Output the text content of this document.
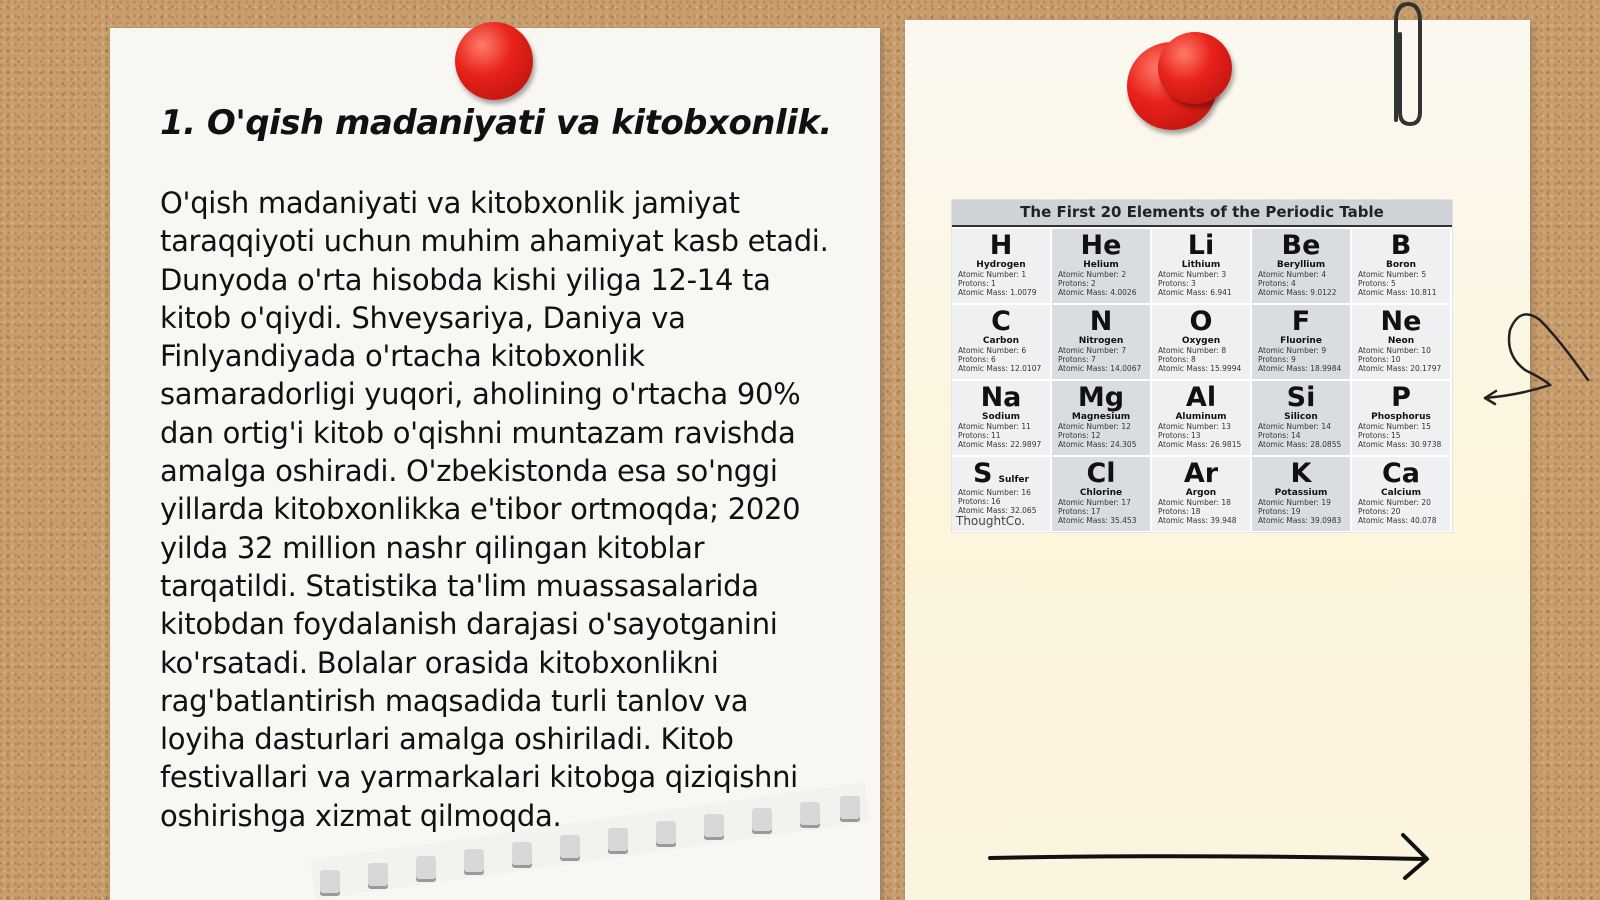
1. O'qish madaniyati va kitobxonlik.

O'qish madaniyati va kitobxonlik jamiyat taraqqiyoti uchun muhim ahamiyat kasb etadi. Dunyoda o'rta hisobda kishi yiliga 12-14 ta kitob o'qiydi. Shveysariya, Daniya va Finlyandiyada o'rtacha kitobxonlik samaradorligi yuqori, aholining o'rtacha 90% dan ortig'i kitob o'qishni muntazam ravishda amalga oshiradi. O'zbekistonda esa so'nggi yillarda kitobxonlikka e'tibor ortmoqda; 2020 yilda 32 million nashr qilingan kitoblar tarqatildi. Statistika ta'lim muassasalarida kitobdan foydalanish darajasi o'sayotganini ko'rsatadi. Bolalar orasida kitobxonlikni rag'batlantirish maqsadida turli tanlov va loyiha dasturlari amalga oshiriladi. Kitob festivallari va yarmarkalari kitobga qiziqishni oshirishga xizmat qilmoqda.

The First 20 Elements of the Periodic Table
H
Hydrogen
Atomic Number: 1
Protons: 1
Atomic Mass: 1.0079
He
Helium
Atomic Number: 2
Protons: 2
Atomic Mass: 4.0026
Li
Lithium
Atomic Number: 3
Protons: 3
Atomic Mass: 6.941
Be
Beryllium
Atomic Number: 4
Protons: 4
Atomic Mass: 9.0122
B
Boron
Atomic Number: 5
Protons: 5
Atomic Mass: 10.811
C
Carbon
Atomic Number: 6
Protons: 6
Atomic Mass: 12.0107
N
Nitrogen
Atomic Number: 7
Protons: 7
Atomic Mass: 14.0067
O
Oxygen
Atomic Number: 8
Protons: 8
Atomic Mass: 15.9994
F
Fluorine
Atomic Number: 9
Protons: 9
Atomic Mass: 18.9984
Ne
Neon
Atomic Number: 10
Protons: 10
Atomic Mass: 20.1797
Na
Sodium
Atomic Number: 11
Protons: 11
Atomic Mass: 22.9897
Mg
Magnesium
Atomic Number: 12
Protons: 12
Atomic Mass: 24.305
Al
Aluminum
Atomic Number: 13
Protons: 13
Atomic Mass: 26.9815
Si
Silicon
Atomic Number: 14
Protons: 14
Atomic Mass: 28.0855
P
Phosphorus
Atomic Number: 15
Protons: 15
Atomic Mass: 30.9738
S Sulfer
Atomic Number: 16
Protons: 16
Atomic Mass: 32.065
ThoughtCo.
Cl
Chlorine
Atomic Number: 17
Protons: 17
Atomic Mass: 35.453
Ar
Argon
Atomic Number: 18
Protons: 18
Atomic Mass: 39.948
K
Potassium
Atomic Number: 19
Protons: 19
Atomic Mass: 39.0983
Ca
Calcium
Atomic Number: 20
Protons: 20
Atomic Mass: 40.078
